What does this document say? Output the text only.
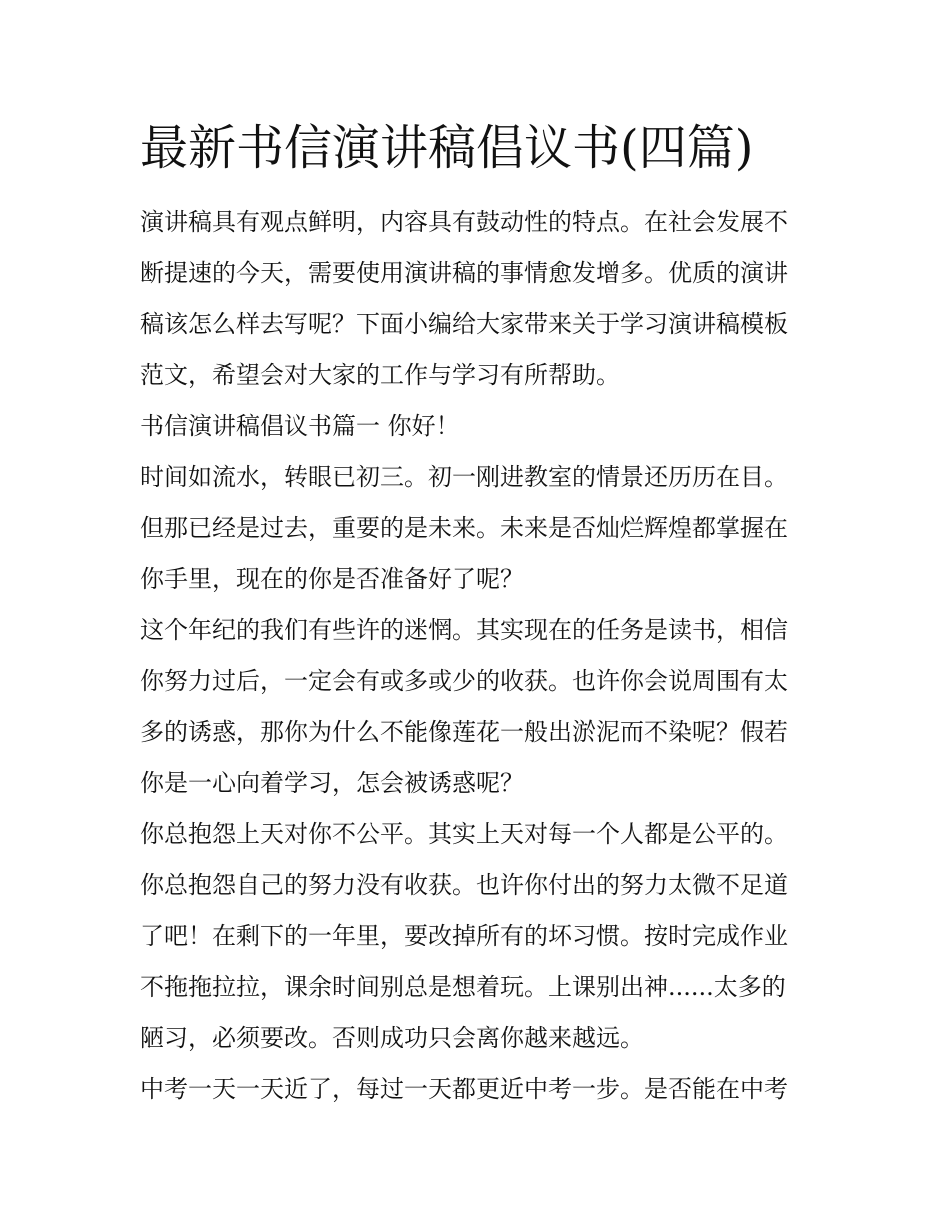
最新书信演讲稿倡议书(四篇)

演讲稿具有观点鲜明，内容具有鼓动性的特点。在社会发展不

断提速的今天，需要使用演讲稿的事情愈发增多。优质的演讲

稿该怎么样去写呢？下面小编给大家带来关于学习演讲稿模板

范文，希望会对大家的工作与学习有所帮助。

书信演讲稿倡议书篇一 你好！

时间如流水，转眼已初三。初一刚进教室的情景还历历在目。

但那已经是过去，重要的是未来。未来是否灿烂辉煌都掌握在

你手里，现在的你是否准备好了呢？

这个年纪的我们有些许的迷惘。其实现在的任务是读书，相信

你努力过后，一定会有或多或少的收获。也许你会说周围有太

多的诱惑，那你为什么不能像莲花一般出淤泥而不染呢？假若

你是一心向着学习，怎会被诱惑呢？

你总抱怨上天对你不公平。其实上天对每一个人都是公平的。

你总抱怨自己的努力没有收获。也许你付出的努力太微不足道

了吧！在剩下的一年里，要改掉所有的坏习惯。按时完成作业

不拖拖拉拉，课余时间别总是想着玩。上课别出神......太多的

陋习，必须要改。否则成功只会离你越来越远。

中考一天一天近了，每过一天都更近中考一步。是否能在中考
